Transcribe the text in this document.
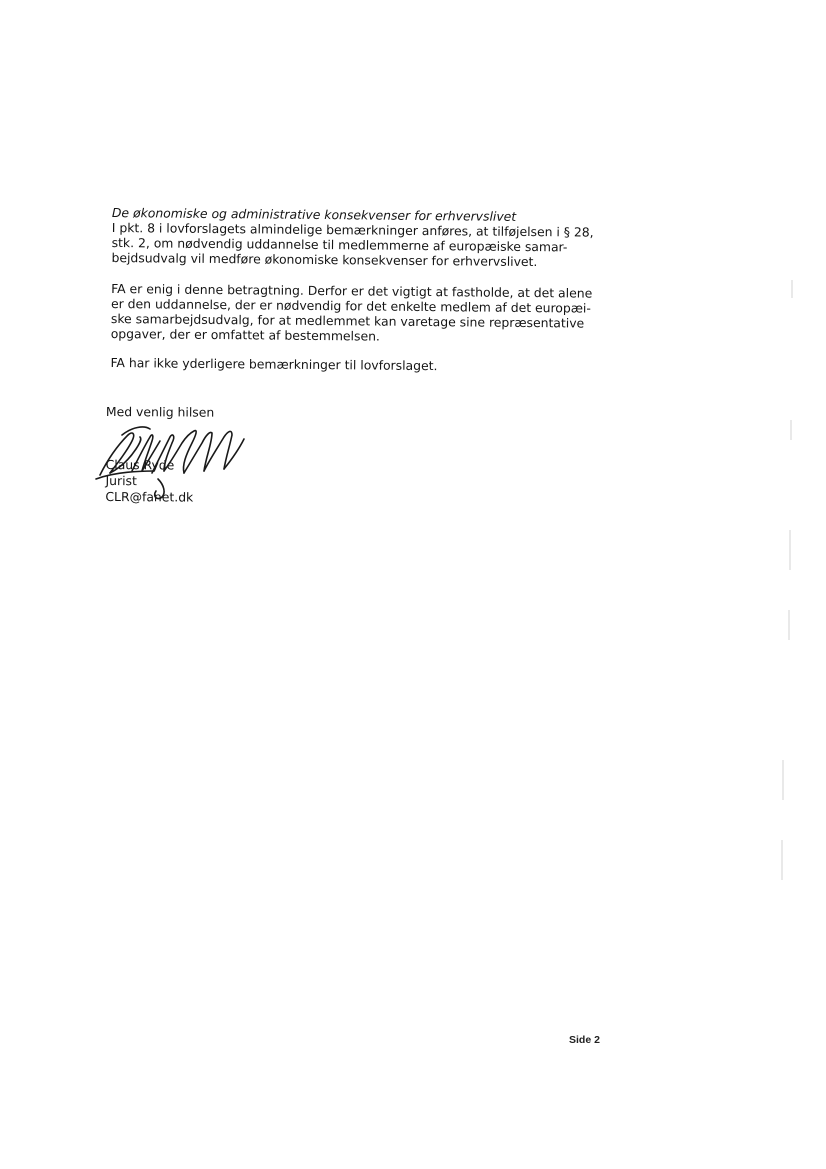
De økonomiske og administrative konsekvenser for erhvervslivet

I pkt. 8 i lovforslagets almindelige bemærkninger anføres, at tilføjelsen i § 28,
stk. 2, om nødvendig uddannelse til medlemmerne af europæiske samar-
bejdsudvalg vil medføre økonomiske konsekvenser for erhvervslivet.

FA er enig i denne betragtning. Derfor er det vigtigt at fastholde, at det alene
er den uddannelse, der er nødvendig for det enkelte medlem af det europæi-
ske samarbejdsudvalg, for at medlemmet kan varetage sine repræsentative
opgaver, der er omfattet af bestemmelsen.

FA har ikke yderligere bemærkninger til lovforslaget.

Med venlig hilsen
Claus Ryde
Jurist
CLR@fanet.dk
Side 2
